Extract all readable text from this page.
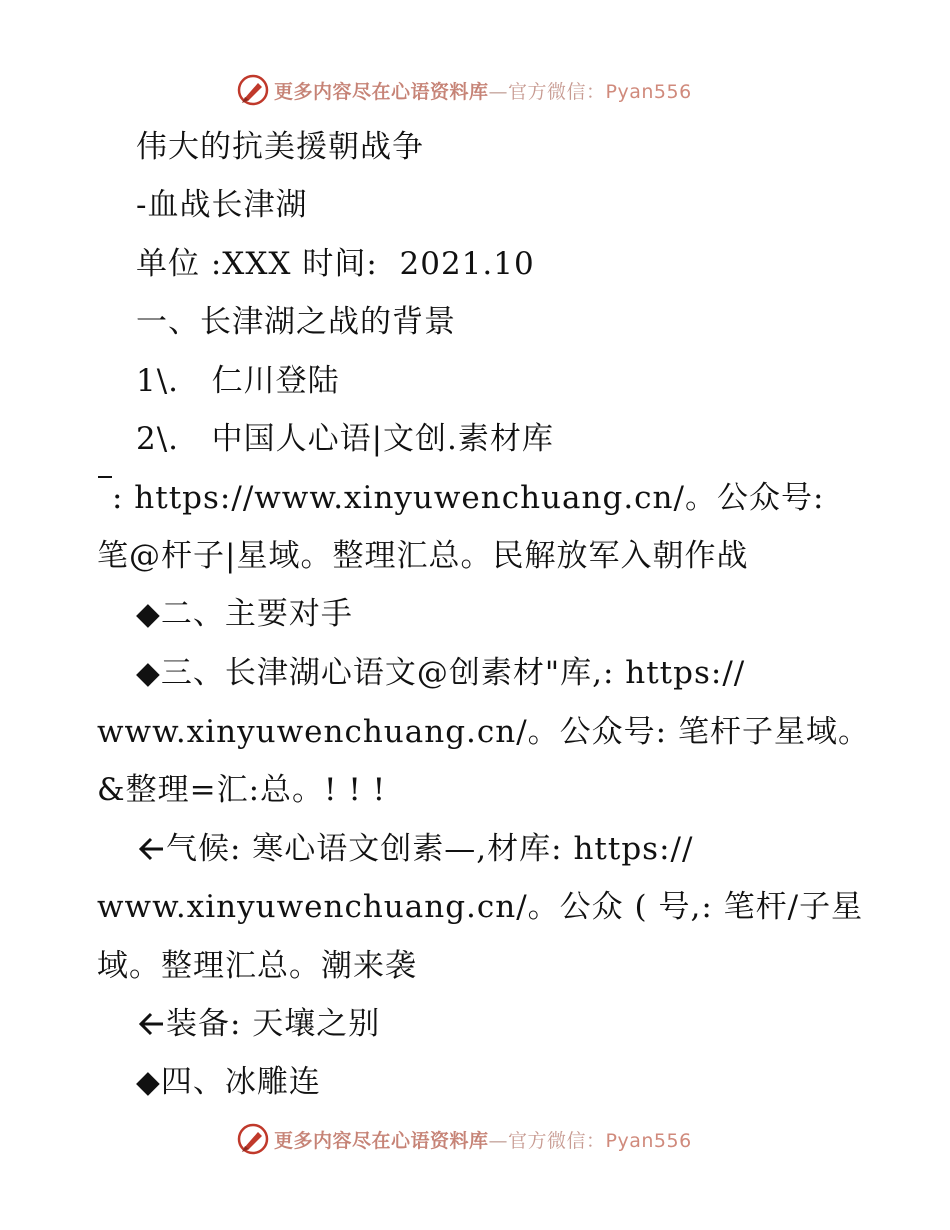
更多内容尽在心语资料库—官方微信：Pyan556
伟大的抗美援朝战争
-血战长津湖
单位 :XXX 时间:  2021.10
一、长津湖之战的背景
1\.   仁川登陆
2\.   中国人心语|文创.素材库
: https://www.xinyuwenchuang.cn/。公众号:
笔@杆子|星域。整理汇总。民解放军入朝作战
◆二、主要对手
◆三、长津湖心语文@创素材"库,: https://
www.xinyuwenchuang.cn/。公众号: 笔杆子星域。
&整理=汇:总。! ! !
气候: 寒心语文创素—,材库: https://
www.xinyuwenchuang.cn/。公众 ( 号,: 笔杆/子星
域。整理汇总。潮来袭
装备: 天壤之别
◆四、冰雕连
更多内容尽在心语资料库—官方微信：Pyan556
